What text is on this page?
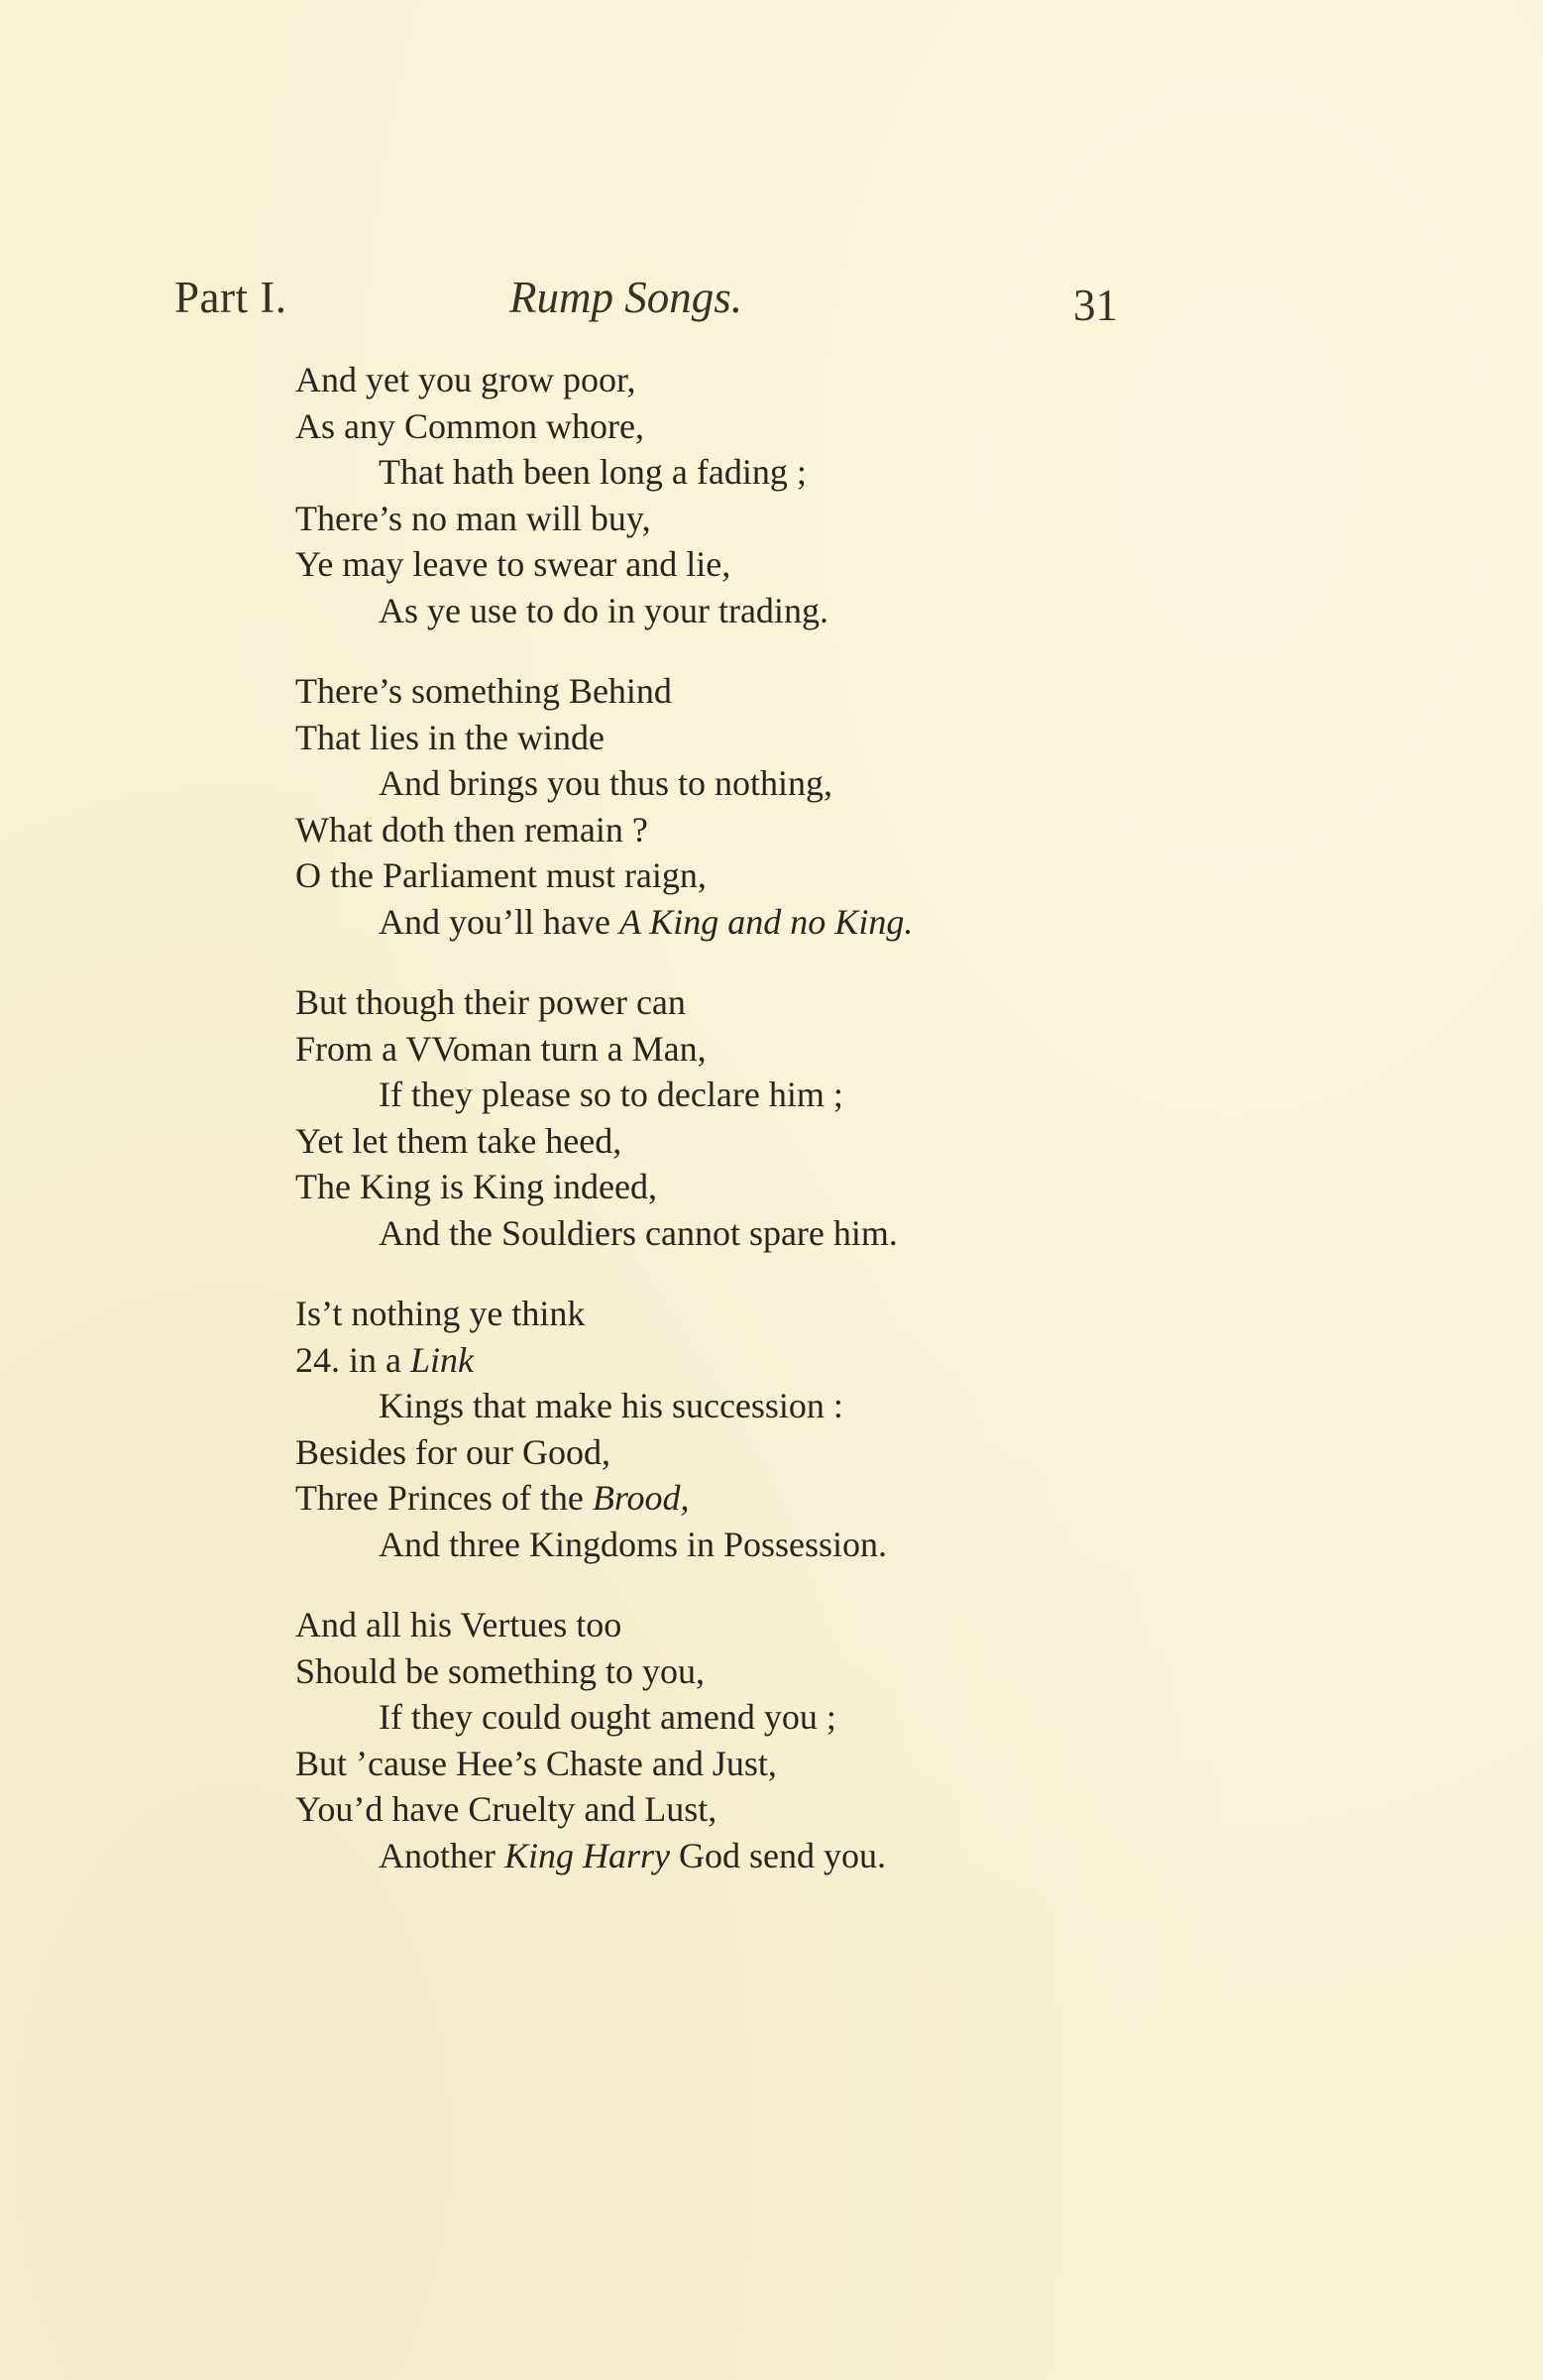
Part I.	Rump Songs.	31
And yet you grow poor,
As any Common whore,
That hath been long a fading ;
There’s no man will buy,
Ye may leave to swear and lie,
As ye use to do in your trading.
There’s something Behind
That lies in the winde
And brings you thus to nothing,
What doth then remain ?
O the Parliament must raign,
And you’ll have A King and no King.
But though their power can
From a VVoman turn a Man,
If they please so to declare him ;
Yet let them take heed,
The King is King indeed,
And the Souldiers cannot spare him.
Is’t nothing ye think
24. in a Link
Kings that make his succession :
Besides for our Good,
Three Princes of the Brood,
And three Kingdoms in Possession.
And all his Vertues too
Should be something to you,
If they could ought amend you ;
But ’cause Hee’s Chaste and Just,
You’d have Cruelty and Lust,
Another King Harry God send you.
